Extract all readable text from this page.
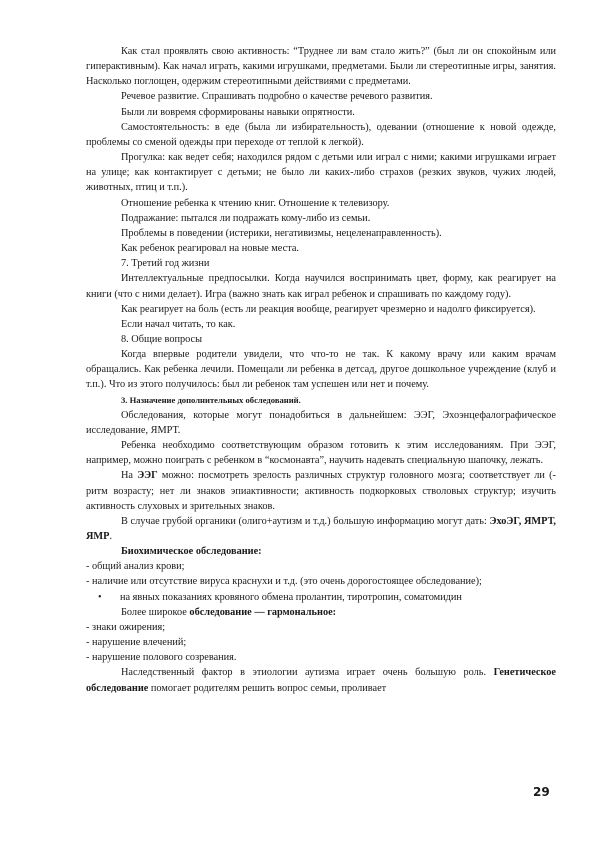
Как стал проявлять свою активность: “Труднее ли вам стало жить?” (был ли он спокойным или гиперактивным). Как начал играть, какими игрушками, предметами. Были ли стереотипные игры, занятия. Насколько поглощен, одержим стереотипными действиями с предметами.

Речевое развитие. Спрашивать подробно о качестве речевого развития.

Были ли вовремя сформированы навыки опрятности.

Самостоятельность: в еде (была ли избирательность), одевании (отношение к новой одежде, проблемы со сменой одежды при переходе от теплой к легкой).

Прогулка: как ведет себя; находился рядом с детьми или играл с ними; какими игрушками играет на улице; как контактирует с детьми; не было ли каких-либо страхов (резких звуков, чужих людей, животных, птиц и т.п.).

Отношение ребенка к чтению книг. Отношение к телевизору.

Подражание: пытался ли подражать кому-либо из семьи.

Проблемы в поведении (истерики, негативизмы, нецеленаправленность).

Как ребенок реагировал на новые места.

7. Третий год жизни

Интеллектуальные предпосылки. Когда научился воспринимать цвет, форму, как реагирует на книги (что с ними делает). Игра (важно знать как играл ребенок и спрашивать по каждому году).

Как реагирует на боль (есть ли реакция вообще, реагирует чрезмерно и надолго фиксируется).

Если начал читать, то как.

8. Общие вопросы

Когда впервые родители увидели, что что-то не так. К какому врачу или каким врачам обращались. Как ребенка лечили. Помещали ли ребенка в детсад, другое дошкольное учреждение (клуб и т.п.). Что из этого получилось: был ли ребенок там успешен или нет и почему.

3. Назначение дополнительных обследований.

Обследования, которые могут понадобиться в дальнейшем: ЭЭГ, Эхоэнцефалографическое исследование, ЯМРТ.

Ребенка необходимо соответствующим образом готовить к этим исследованиям. При ЭЭГ, например, можно поиграть с ребенком в “космонавта”, научить надевать специальную шапочку, лежать.

На ЭЭГ можно: посмотреть зрелость различных структур головного мозга; соответствует ли (-ритм возрасту; нет ли знаков эпиактивности; активность подкорковых стволовых структур; изучить активность слуховых и зрительных знаков.

В случае грубой органики (олиго+аутизм и т.д.) большую информацию могут дать: ЭхоЭГ, ЯМРТ, ЯМР.

Биохимическое обследование:

- общий анализ крови;

- наличие или отсутствие вируса краснухи и т.д. (это очень дорогостоящее обследование);

• на явных показаниях кровяного обмена пролантин, тиротропин, соматомидин

Более широкое обследование — гармональное:

- знаки ожирения;

- нарушение влечений;

- нарушение полового созревания.

Наследственный фактор в этиологии аутизма играет очень большую роль. Генетическое обследование помогает родителям решить вопрос семьи, проливает

29
